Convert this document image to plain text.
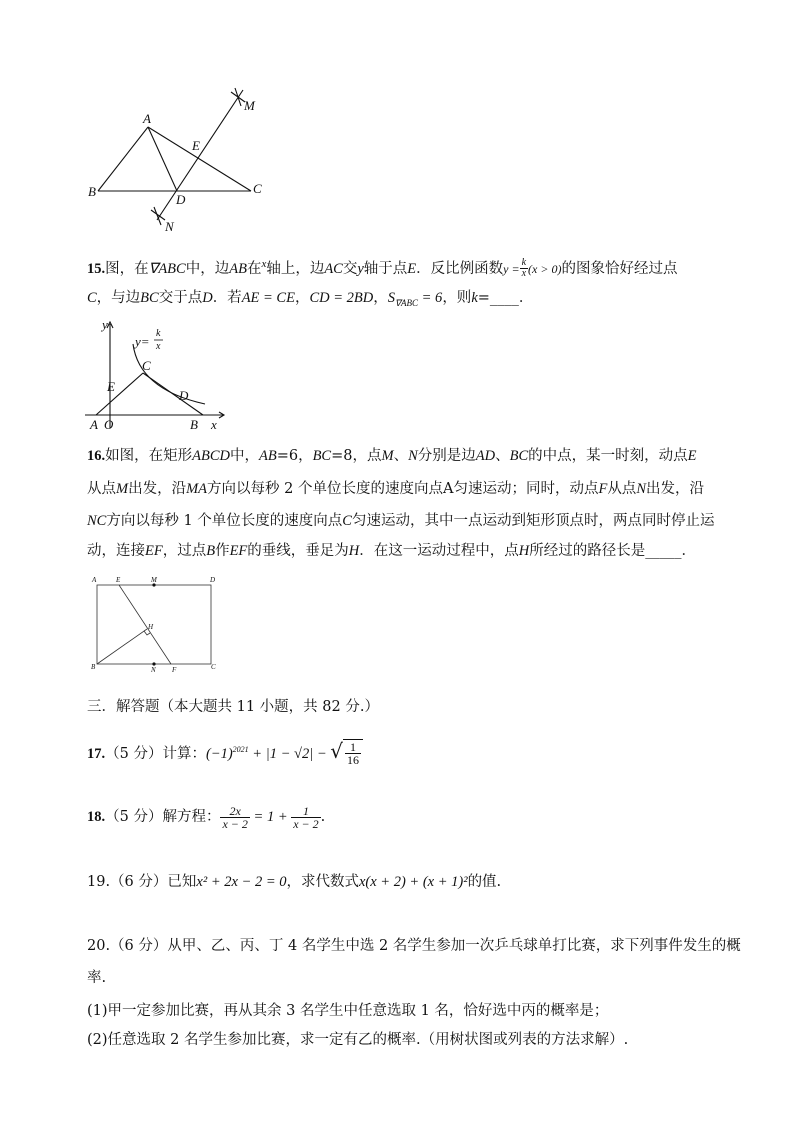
A
B	C
D
E
M
N
15.图，在∇ABC中，边AB在$^x$轴上，边AC交y轴于点E．反比例函数$y = \frac{k}{x} (x > 0)$的图象恰好经过点
C，与边BC交于点D．若AE = CE，CD = 2BD，$S_{\nabla ABC} = 6$，则k=____．
y
x
A O	B
C
D
E
y=
k
x
16.如图，在矩形ABCD中，AB=6，BC=8，点M、N分别是边AD、BC的中点，某一时刻，动点E
从点M出发，沿MA方向以每秒 2 个单位长度的速度向点A匀速运动；同时，动点F从点N出发，沿
NC方向以每秒 1 个单位长度的速度向点C匀速运动，其中一点运动到矩形顶点时，两点同时停止运
动，连接EF，过点B作EF的垂线，垂足为H．在这一运动过程中，点H所经过的路径长是_____．
A	E	M	D
H
B	N F	C
三．解答题（本大题共 11 小题，共 82 分.）
17.（5 分）计算：$(-1)^{2021} + |1 - √2|$ − √ $\frac{1}{16}$
18.（5 分）解方程： $\frac{2x}{x - 2} = 1 + \frac{1}{x - 2}$ .
19.（6 分）已知x² + 2x − 2 = 0，求代数式x(x + 2) + (x + 1)²的值.
20.（6 分）从甲、乙、丙、丁 4 名学生中选 2 名学生参加一次乒乓球单打比赛，求下列事件发生的概
率.
(1)甲一定参加比赛，再从其余 3 名学生中任意选取 1 名，恰好选中丙的概率是；
(2)任意选取 2 名学生参加比赛，求一定有乙的概率.（用树状图或列表的方法求解）.
